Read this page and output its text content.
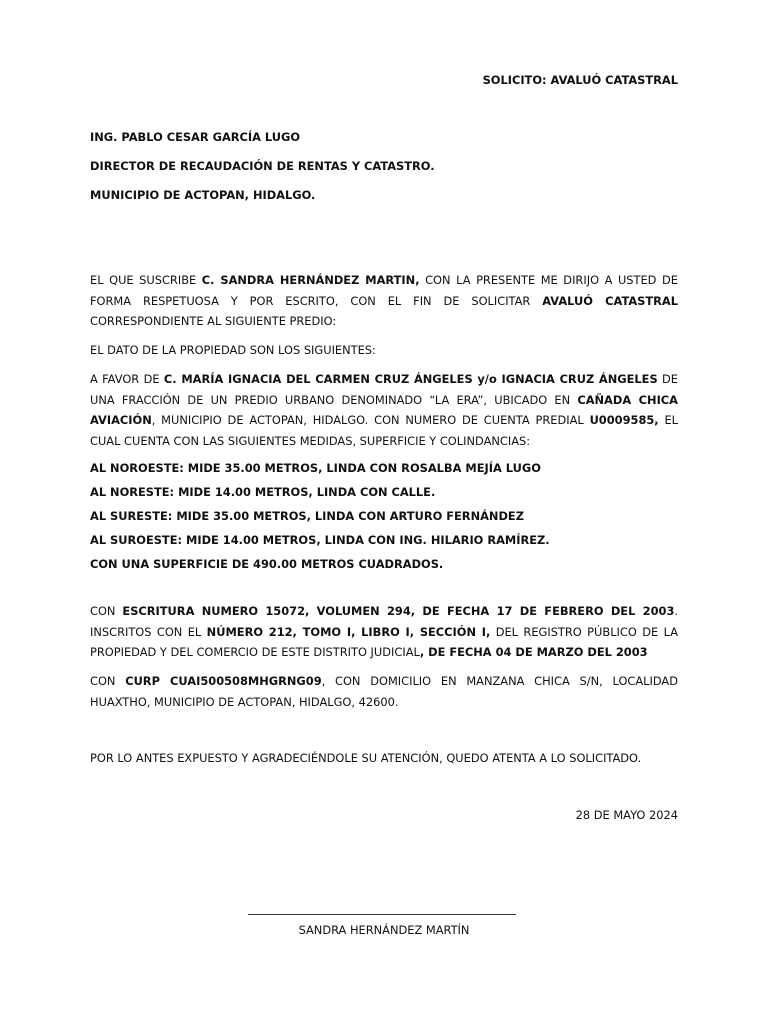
SOLICITO: AVALUÓ CATASTRAL
ING. PABLO CESAR GARCÍA LUGO
DIRECTOR DE RECAUDACIÓN DE RENTAS Y CATASTRO.
MUNICIPIO DE ACTOPAN, HIDALGO.
EL QUE SUSCRIBE C. SANDRA HERNÁNDEZ MARTIN, CON LA PRESENTE ME DIRIJO A USTED DE FORMA RESPETUOSA Y POR ESCRITO, CON EL FIN DE SOLICITAR AVALUÓ CATASTRAL CORRESPONDIENTE AL SIGUIENTE PREDIO:
EL DATO DE LA PROPIEDAD SON LOS SIGUIENTES:
A FAVOR DE C. MARÍA IGNACIA DEL CARMEN CRUZ ÁNGELES y/o IGNACIA CRUZ ÁNGELES DE UNA FRACCIÓN DE UN PREDIO URBANO DENOMINADO “LA ERA”, UBICADO EN CAÑADA CHICA AVIACIÓN, MUNICIPIO DE ACTOPAN, HIDALGO. CON NUMERO DE CUENTA PREDIAL U0009585, EL CUAL CUENTA CON LAS SIGUIENTES MEDIDAS, SUPERFICIE Y COLINDANCIAS:
AL NOROESTE: MIDE 35.00 METROS, LINDA CON ROSALBA MEJÍA LUGO
AL NORESTE: MIDE 14.00 METROS, LINDA CON CALLE.
AL SURESTE: MIDE 35.00 METROS, LINDA CON ARTURO FERNÁNDEZ
AL SUROESTE: MIDE 14.00 METROS, LINDA CON ING. HILARIO RAMÍREZ.
CON UNA SUPERFICIE DE 490.00 METROS CUADRADOS.
CON ESCRITURA NUMERO 15072, VOLUMEN 294, DE FECHA 17 DE FEBRERO DEL 2003. INSCRITOS CON EL NÚMERO 212, TOMO I, LIBRO I, SECCIÓN I, DEL REGISTRO PÚBLICO DE LA PROPIEDAD Y DEL COMERCIO DE ESTE DISTRITO JUDICIAL, DE FECHA 04 DE MARZO DEL 2003
CON CURP CUAI500508MHGRNG09, CON DOMICILIO EN MANZANA CHICA S/N, LOCALIDAD HUAXTHO, MUNICIPIO DE ACTOPAN, HIDALGO, 42600.
POR LO ANTES EXPUESTO Y AGRADECIÉNDOLE SU ATENCIÓN, QUEDO ATENTA A LO SOLICITADO.
28 DE MAYO 2024
SANDRA HERNÁNDEZ MARTÍN
